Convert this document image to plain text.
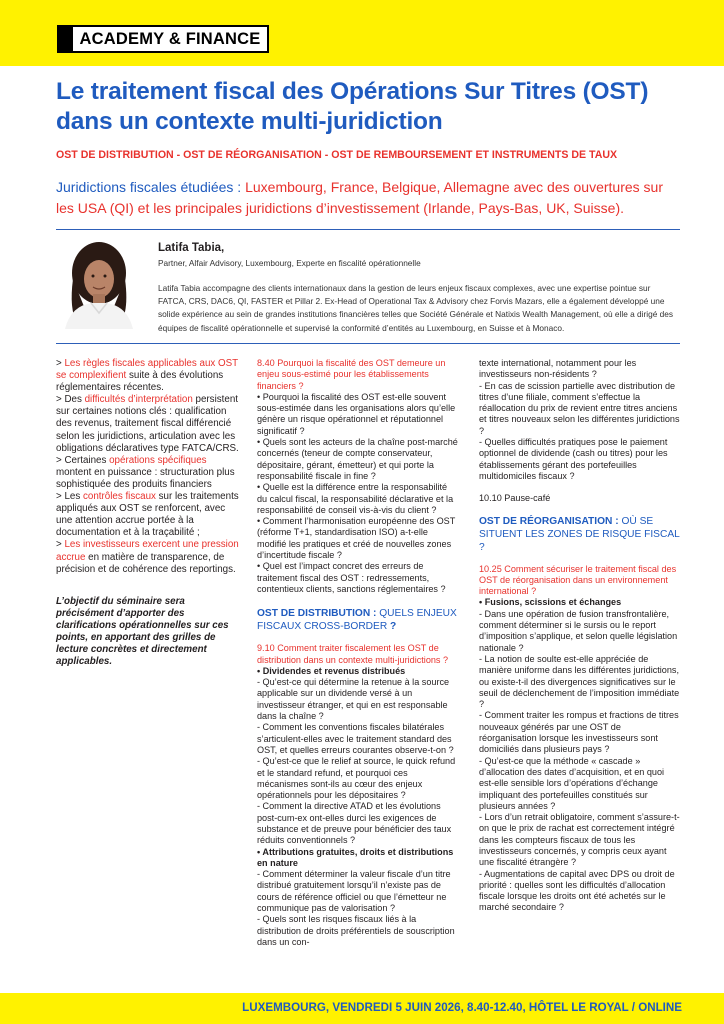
ACADEMY & FINANCE
Le traitement fiscal des Opérations Sur Titres (OST)
dans un contexte multi-juridiction
OST DE DISTRIBUTION - OST DE RÉORGANISATION - OST DE REMBOURSEMENT ET INSTRUMENTS DE TAUX
Juridictions fiscales étudiées : Luxembourg, France, Belgique, Allemagne avec des ouvertures sur les USA (QI) et les principales juridictions d’investissement (Irlande, Pays-Bas, UK, Suisse).
Latifa Tabia,
Partner, Alfair Advisory, Luxembourg, Experte en fiscalité opérationnelle
Latifa Tabia accompagne des clients internationaux dans la gestion de leurs enjeux fiscaux complexes, avec une expertise pointue sur FATCA, CRS, DAC6, QI, FASTER et Pillar 2. Ex-Head of Operational Tax & Advisory chez Forvis Mazars, elle a également développé une solide expérience au sein de grandes institutions financières telles que Société Générale et Natixis Wealth Management, où elle a dirigé des équipes de fiscalité opérationnelle et supervisé la conformité d’entités au Luxembourg, en Suisse et à Monaco.

> Les règles fiscales applicables aux OST se complexifient suite à des évolutions réglementaires récentes.

> Des difficultés d’interprétation persistent sur certaines notions clés : qualification des revenus, traitement fiscal différencié selon les juridictions, articulation avec les obligations déclaratives type FATCA/CRS.

> Certaines opérations spécifiques montent en puissance : structuration plus sophistiquée des produits financiers

> Les contrôles fiscaux sur les traitements appliqués aux OST se renforcent, avec une attention accrue portée à la documentation et à la traçabilité ;

> Les investisseurs exercent une pression accrue en matière de transparence, de précision et de cohérence des reportings.

L’objectif du séminaire sera précisément d’apporter des clarifications opérationnelles sur ces points, en apportant des grilles de lecture concrètes et directement applicables.

8.40 Pourquoi la fiscalité des OST demeure un enjeu sous-estimé pour les établissements financiers ?

• Pourquoi la fiscalité des OST est-elle souvent sous-estimée dans les organisations alors qu’elle génère un risque opérationnel et réputationnel significatif ?

• Quels sont les acteurs de la chaîne post-marché concernés (teneur de compte conservateur, dépositaire, gérant, émetteur) et qui porte la responsabilité fiscale in fine ?

• Quelle est la différence entre la responsabilité du calcul fiscal, la responsabilité déclarative et la responsabilité de conseil vis-à-vis du client ?

• Comment l’harmonisation européenne des OST (réforme T+1, standardisation ISO) a-t-elle modifié les pratiques et créé de nouvelles zones d’incertitude fiscale ?

• Quel est l’impact concret des erreurs de traitement fiscal des OST : redressements, contentieux clients, sanctions réglementaires ?

OST DE DISTRIBUTION : QUELS ENJEUX FISCAUX CROSS-BORDER ?

9.10 Comment traiter fiscalement les OST de distribution dans un contexte multi-juridictions ?

• Dividendes et revenus distribués

- Qu’est-ce qui détermine la retenue à la source applicable sur un dividende versé à un investisseur étranger, et qui en est responsable dans la chaîne ?

- Comment les conventions fiscales bilatérales s’articulent-elles avec le traitement standard des OST, et quelles erreurs courantes observe-t-on ?

- Qu’est-ce que le relief at source, le quick refund et le standard refund, et pourquoi ces mécanismes sont-ils au cœur des enjeux opérationnels pour les dépositaires ?

- Comment la directive ATAD et les évolutions post-cum-ex ont-elles durci les exigences de substance et de preuve pour bénéficier des taux réduits conventionnels ?

• Attributions gratuites, droits et distributions en nature

- Comment déterminer la valeur fiscale d’un titre distribué gratuitement lorsqu’il n’existe pas de cours de référence officiel ou que l’émetteur ne communique pas de valorisation ?

- Quels sont les risques fiscaux liés à la distribution de droits préférentiels de souscription dans un con-

texte international, notamment pour les investisseurs non-résidents ?

- En cas de scission partielle avec distribution de titres d’une filiale, comment s’effectue la réallocation du prix de revient entre titres anciens et titres nouveaux selon les différentes juridictions ?

- Quelles difficultés pratiques pose le paiement optionnel de dividende (cash ou titres) pour les établissements gérant des portefeuilles multidomiciles fiscaux ?

10.10 Pause-café

OST DE RÉORGANISATION : OÙ SE SITUENT LES ZONES DE RISQUE FISCAL ?

10.25 Comment sécuriser le traitement fiscal des OST de réorganisation dans un environnement international ?

• Fusions, scissions et échanges

- Dans une opération de fusion transfrontalière, comment déterminer si le sursis ou le report d’imposition s’applique, et selon quelle législation nationale ?

- La notion de soulte est-elle appréciée de manière uniforme dans les différentes juridictions, ou existe-t-il des divergences significatives sur le seuil de déclenchement de l’imposition immédiate ?

- Comment traiter les rompus et fractions de titres nouveaux générés par une OST de réorganisation lorsque les investisseurs sont domiciliés dans plusieurs pays ?

- Qu’est-ce que la méthode « cascade » d’allocation des dates d’acquisition, et en quoi est-elle sensible lors d’opérations d’échange impliquant des portefeuilles constitués sur plusieurs années ?

- Lors d’un retrait obligatoire, comment s’assure-t-on que le prix de rachat est correctement intégré dans les compteurs fiscaux de tous les investisseurs concernés, y compris ceux ayant une fiscalité étrangère ?

- Augmentations de capital avec DPS ou droit de priorité : quelles sont les difficultés d’allocation fiscale lorsque les droits ont été achetés sur le marché secondaire ?

LUXEMBOURG, VENDREDI 5 JUIN 2026, 8.40-12.40, HÔTEL LE ROYAL / ONLINE
